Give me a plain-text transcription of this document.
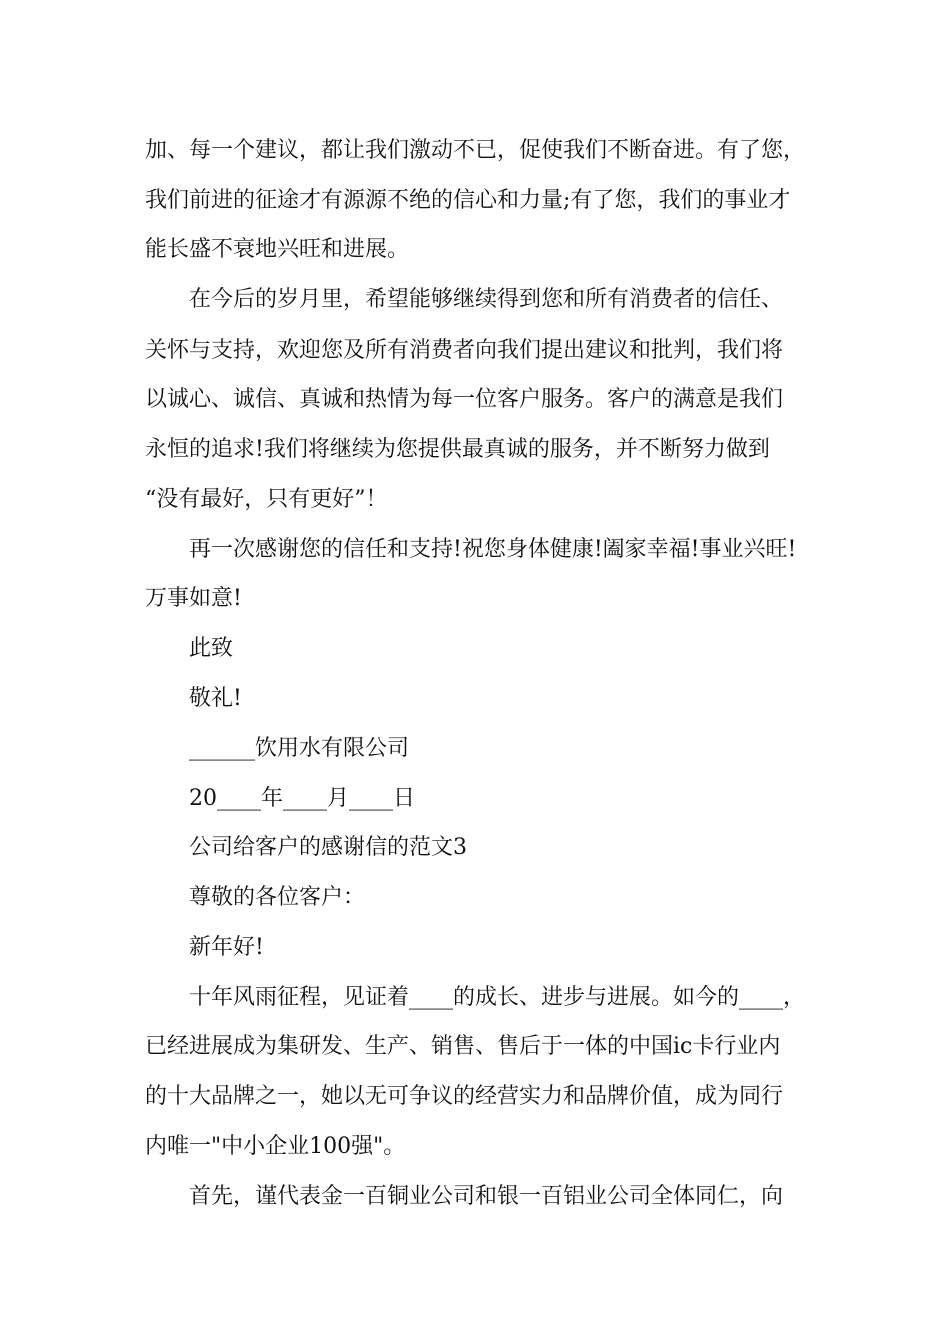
加、每一个建议，都让我们激动不已，促使我们不断奋进。有了您，
我们前进的征途才有源源不绝的信心和力量;有了您，我们的事业才
能长盛不衰地兴旺和进展。
在今后的岁月里，希望能够继续得到您和所有消费者的信任、
关怀与支持，欢迎您及所有消费者向我们提出建议和批判，我们将
以诚心、诚信、真诚和热情为每一位客户服务。客户的满意是我们
永恒的追求!我们将继续为您提供最真诚的服务，并不断努力做到
“没有最好，只有更好”！
再一次感谢您的信任和支持!祝您身体健康!阖家幸福!事业兴旺!
万事如意!
此致
敬礼!
______饮用水有限公司
20____年____月____日
公司给客户的感谢信的范文3
尊敬的各位客户：
新年好!
十年风雨征程，见证着____的成长、进步与进展。如今的____，
已经进展成为集研发、生产、销售、售后于一体的中国ic卡行业内
的十大品牌之一，她以无可争议的经营实力和品牌价值，成为同行
内唯一"中小企业100强"。
首先，谨代表金一百铜业公司和银一百铝业公司全体同仁，向
